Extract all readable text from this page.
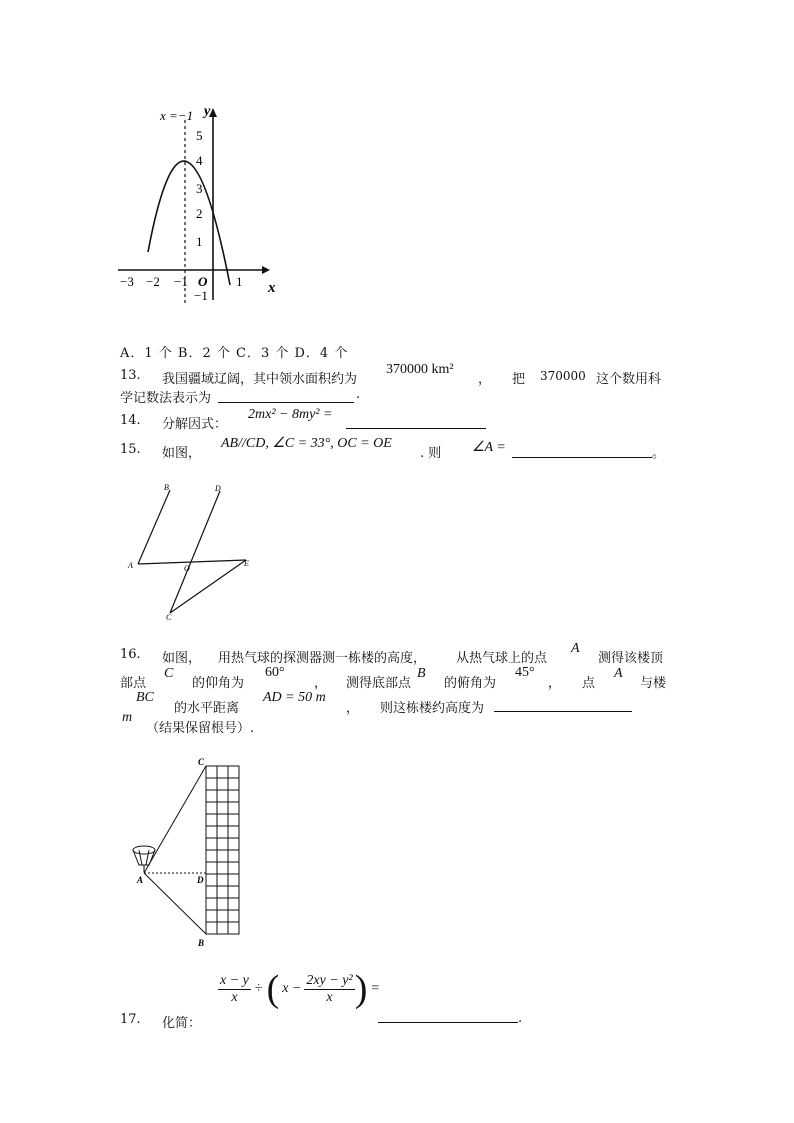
x =−1 y
x
5
4
3
2
1
−1
−3 −2 −1 O 1
A．1 个 B．2 个 C．3 个 D．4 个
13. 我国疆域辽阔，其中领水面积约为
370000 km²
， 把 370000 这个数用科
学记数法表示为	.
14. 分解因式：
2mx² − 8my² =
15. 如图，
AB//CD, ∠C = 33°, OC = OE
. 则 ∠A =	。
B	D
A	O
E
C
16. 如图， 用热气球的探测器测一栋楼的高度， 从热气球上的点
A
测得该楼顶
部点
C
的仰角为
60°
， 测得底部点
B
的俯角为
45°
， 点
A
与楼
BC
的水平距离
AD = 50 m
， 则这栋楼约高度为
m
（结果保留根号）.
C
A	D
B
$\frac{x - y}{x}$ ÷ ( $x - \frac{\text{2xy − y²}}{x}$ ) =
17. 化简：	.
